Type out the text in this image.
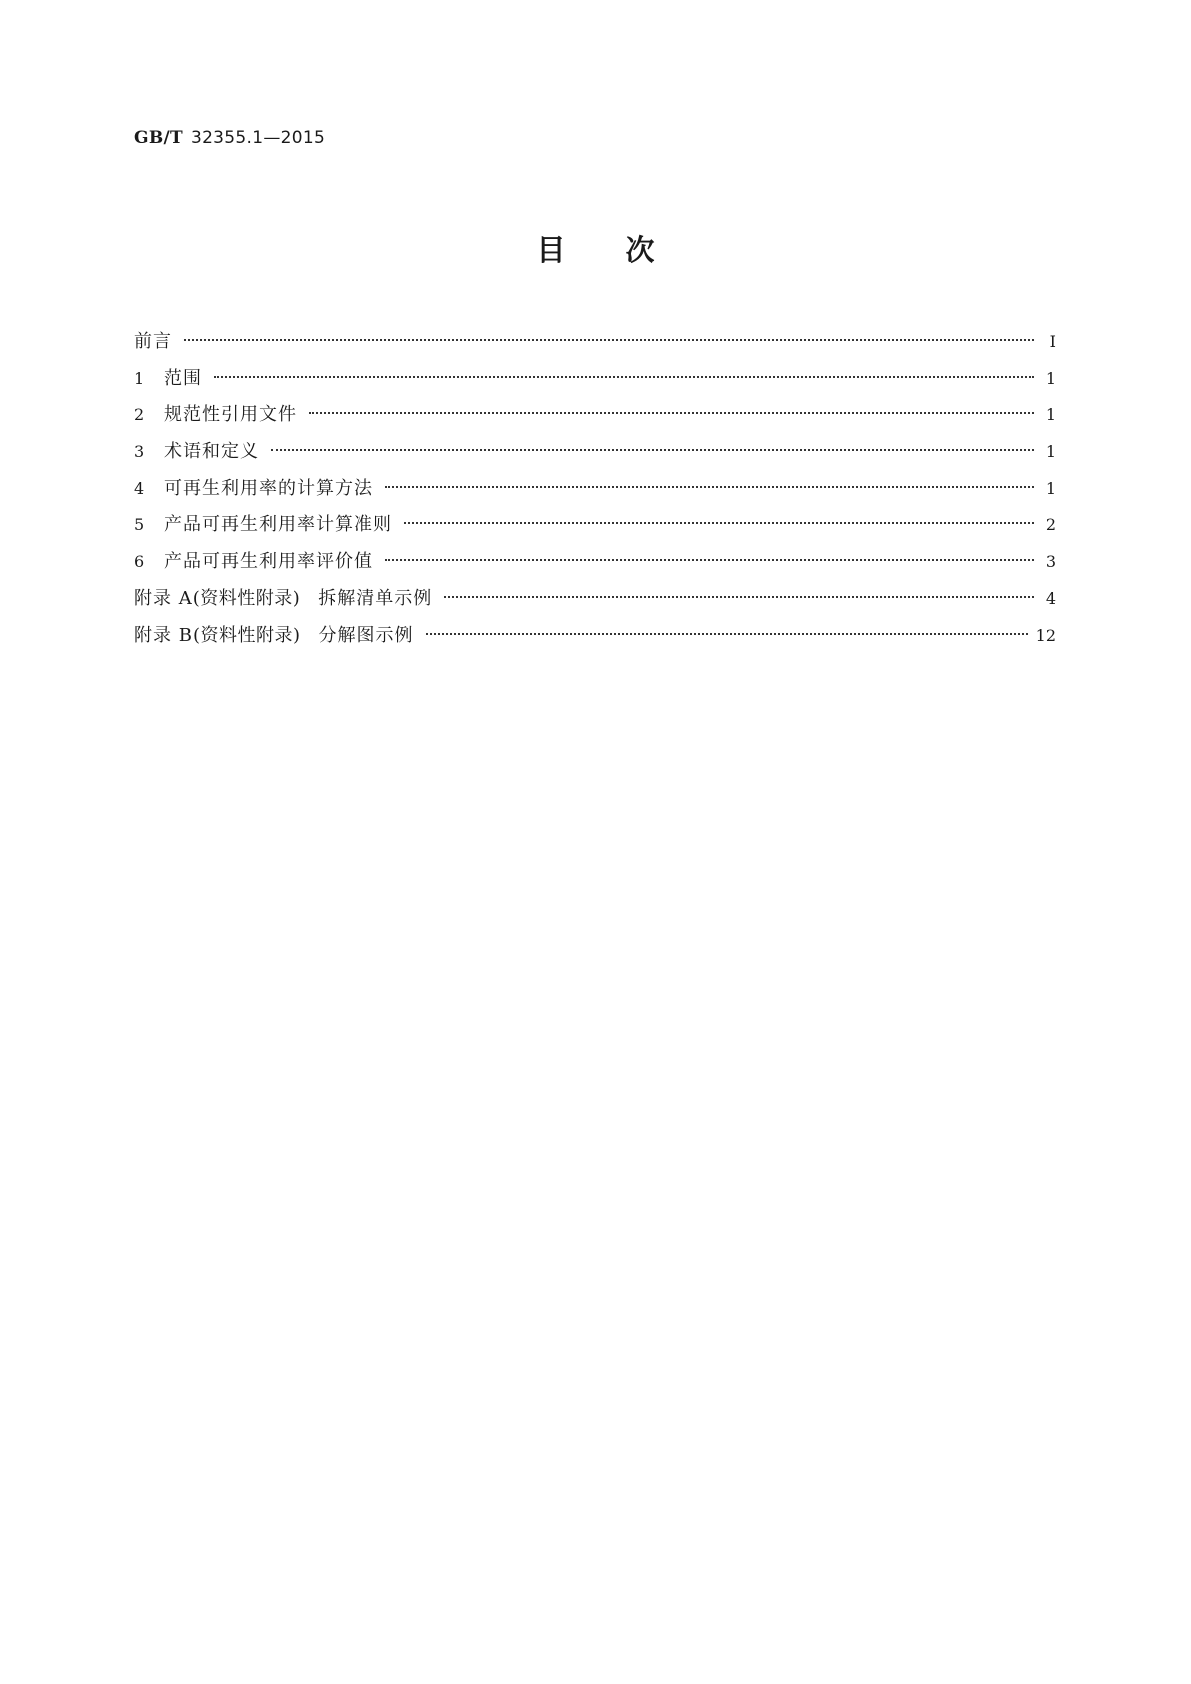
GB/T 32355.1—2015
目次
前言	Ⅰ
1	范围	1
2	规范性引用文件	1
3	术语和定义	1
4	可再生利用率的计算方法	1
5	产品可再生利用率计算准则	2
6	产品可再生利用率评价值	3
附录 A(资料性附录) 拆解清单示例	4
附录 B(资料性附录) 分解图示例	12
